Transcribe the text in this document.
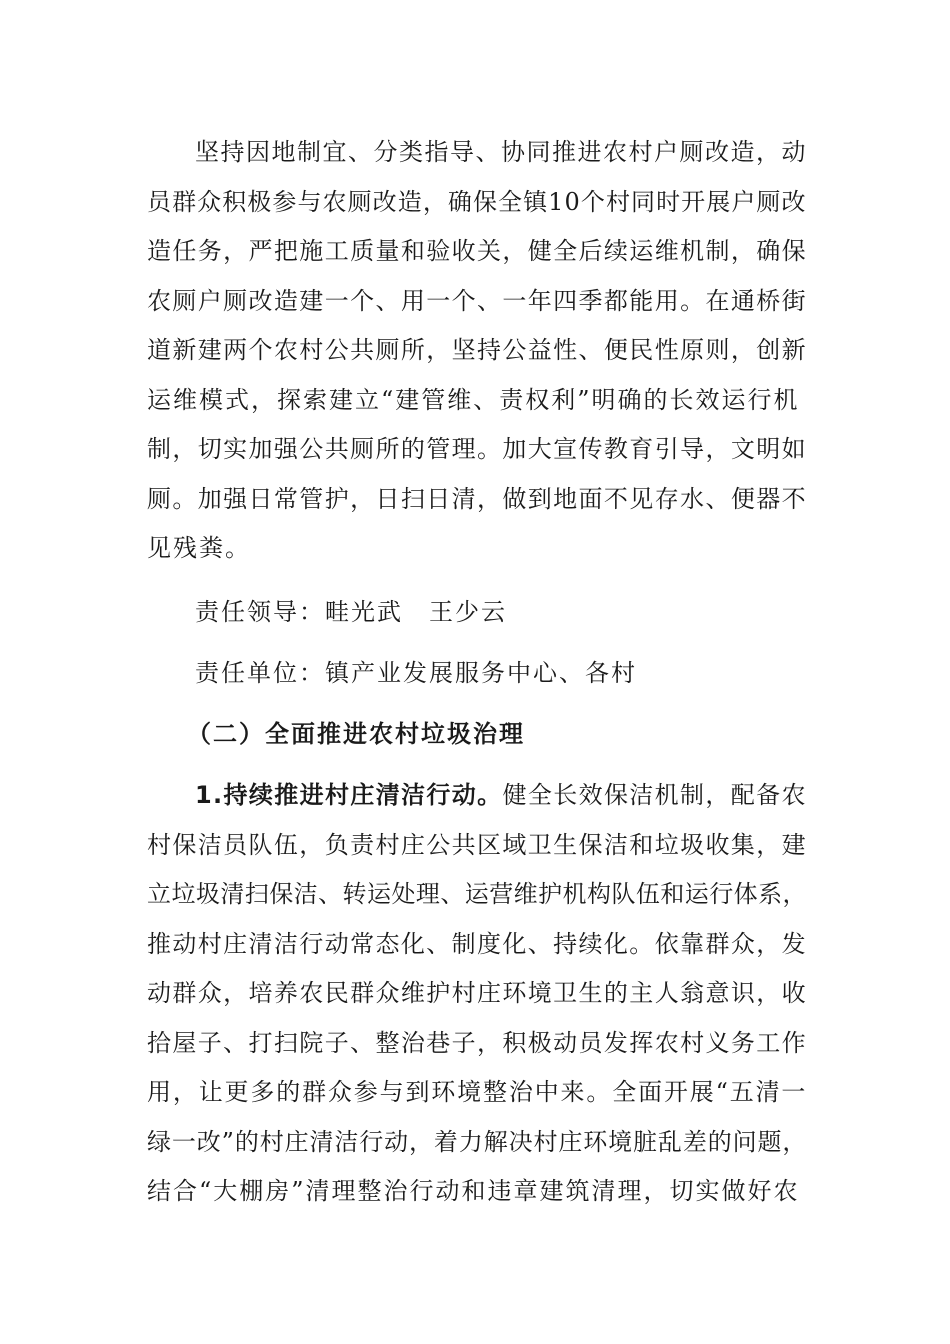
坚持因地制宜、分类指导、协同推进农村户厕改造，动
员群众积极参与农厕改造，确保全镇10个村同时开展户厕改
造任务，严把施工质量和验收关，健全后续运维机制，确保
农厕户厕改造建一个、用一个、一年四季都能用。在通桥街
道新建两个农村公共厕所，坚持公益性、便民性原则，创新
运维模式，探索建立“建管维、责权利”明确的长效运行机
制，切实加强公共厕所的管理。加大宣传教育引导，文明如
厕。加强日常管护，日扫日清，做到地面不见存水、便器不
见残粪。
责任领导：畦光武　王少云
责任单位：镇产业发展服务中心、各村
（二）全面推进农村垃圾治理
1.持续推进村庄清洁行动。健全长效保洁机制，配备农
村保洁员队伍，负责村庄公共区域卫生保洁和垃圾收集，建
立垃圾清扫保洁、转运处理、运营维护机构队伍和运行体系，
推动村庄清洁行动常态化、制度化、持续化。依靠群众，发
动群众，培养农民群众维护村庄环境卫生的主人翁意识，收
拾屋子、打扫院子、整治巷子，积极动员发挥农村义务工作
用，让更多的群众参与到环境整治中来。全面开展“五清一
绿一改”的村庄清洁行动，着力解决村庄环境脏乱差的问题，
结合“大棚房”清理整治行动和违章建筑清理，切实做好农
